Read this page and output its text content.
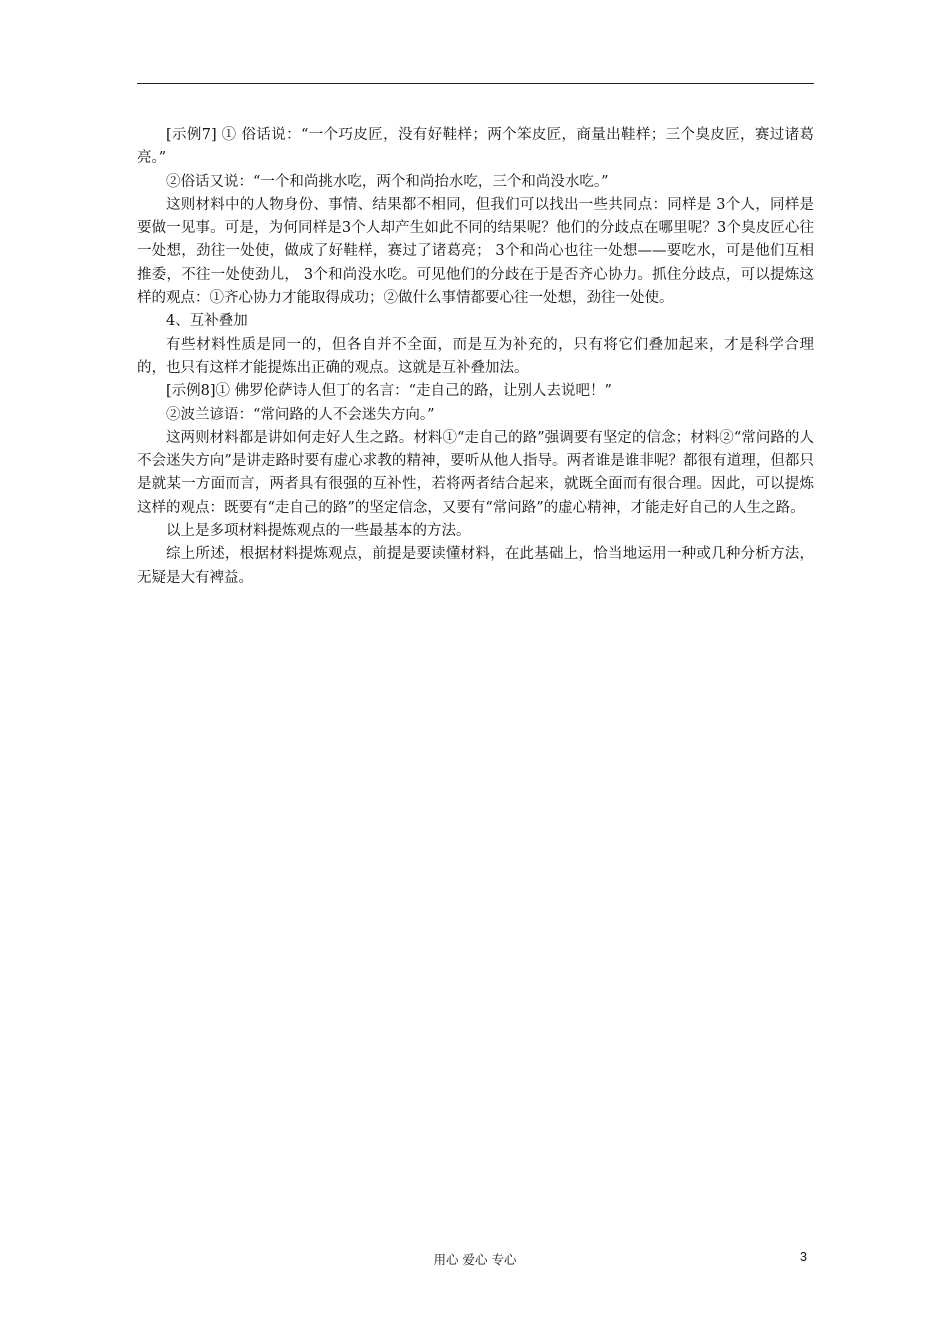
[示例7] ① 俗话说：“一个巧皮匠，没有好鞋样；两个笨皮匠，商量出鞋样；三个臭皮匠，赛过诸葛亮。”

②俗话又说：“一个和尚挑水吃，两个和尚抬水吃，三个和尚没水吃。”

这则材料中的人物身份、事情、结果都不相同，但我们可以找出一些共同点：同样是 3个人，同样是要做一见事。可是，为何同样是3个人却产生如此不同的结果呢？他们的分歧点在哪里呢？3个臭皮匠心往一处想，劲往一处使，做成了好鞋样，赛过了诸葛亮； 3个和尚心也往一处想——要吃水，可是他们互相推委，不往一处使劲儿， 3个和尚没水吃。可见他们的分歧在于是否齐心协力。抓住分歧点，可以提炼这样的观点：①齐心协力才能取得成功；②做什么事情都要心往一处想，劲往一处使。

4、互补叠加

有些材料性质是同一的，但各自并不全面，而是互为补充的，只有将它们叠加起来，才是科学合理的，也只有这样才能提炼出正确的观点。这就是互补叠加法。

[示例8]① 佛罗伦萨诗人但丁的名言：“走自己的路，让别人去说吧！”

②波兰谚语：“常问路的人不会迷失方向。”

这两则材料都是讲如何走好人生之路。材料①“走自己的路”强调要有坚定的信念；材料②“常问路的人不会迷失方向”是讲走路时要有虚心求教的精神，要听从他人指导。两者谁是谁非呢？都很有道理，但都只是就某一方面而言，两者具有很强的互补性，若将两者结合起来，就既全面而有很合理。因此，可以提炼这样的观点：既要有“走自己的路”的坚定信念，又要有“常问路”的虚心精神，才能走好自己的人生之路。

以上是多项材料提炼观点的一些最基本的方法。

综上所述，根据材料提炼观点，前提是要读懂材料，在此基础上，恰当地运用一种或几种分析方法，无疑是大有裨益。

用心 爱心 专心	3
